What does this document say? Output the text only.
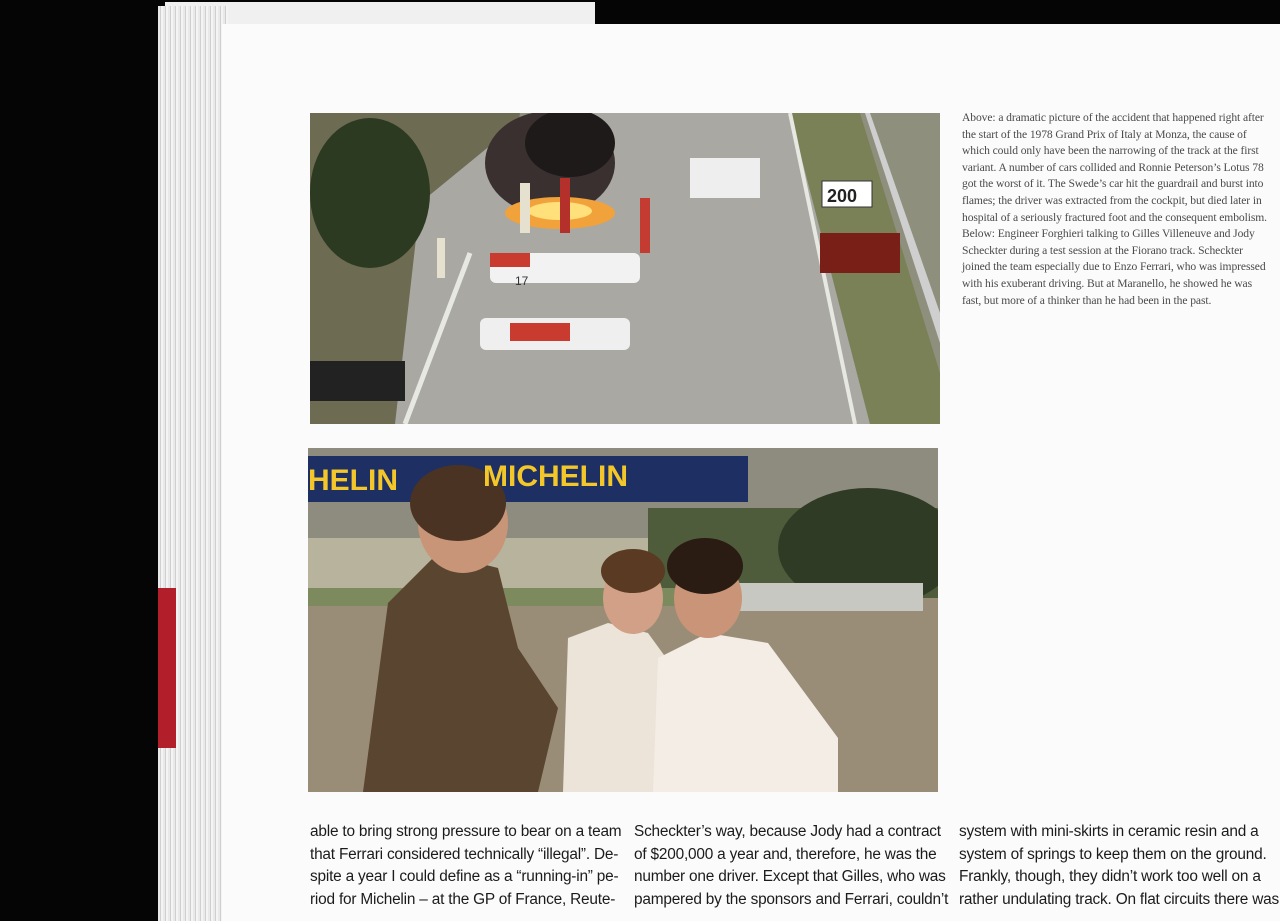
17
200
HELIN	MICHELIN

Above: a dramatic picture of the accident that happened right after the start of the 1978 Grand Prix of Italy at Monza, the cause of which could only have been the narrowing of the track at the first variant. A number of cars collided and Ronnie Peterson’s Lotus 78 got the worst of it. The Swede’s car hit the guardrail and burst into flames; the driver was extracted from the cockpit, but died later in hospital of a seriously fractured foot and the consequent embolism.

Below: Engineer Forghieri talking to Gilles Villeneuve and Jody Scheckter during a test session at the Fiorano track. Scheckter joined the team especially due to Enzo Ferrari, who was impressed with his exuberant driving. But at Maranello, he showed he was fast, but more of a thinker than he had been in the past.

able to bring strong pressure to bear on a team
that Ferrari considered technically “illegal”. De-
spite a year I could define as a “running-in” pe-
riod for Michelin – at the GP of France, Reute-
Scheckter’s way, because Jody had a contract
of $200,000 a year and, therefore, he was the
number one driver. Except that Gilles, who was
pampered by the sponsors and Ferrari, couldn’t
system with mini-skirts in ceramic resin and a
system of springs to keep them on the ground.
Frankly, though, they didn’t work too well on a
rather undulating track. On flat circuits there was
